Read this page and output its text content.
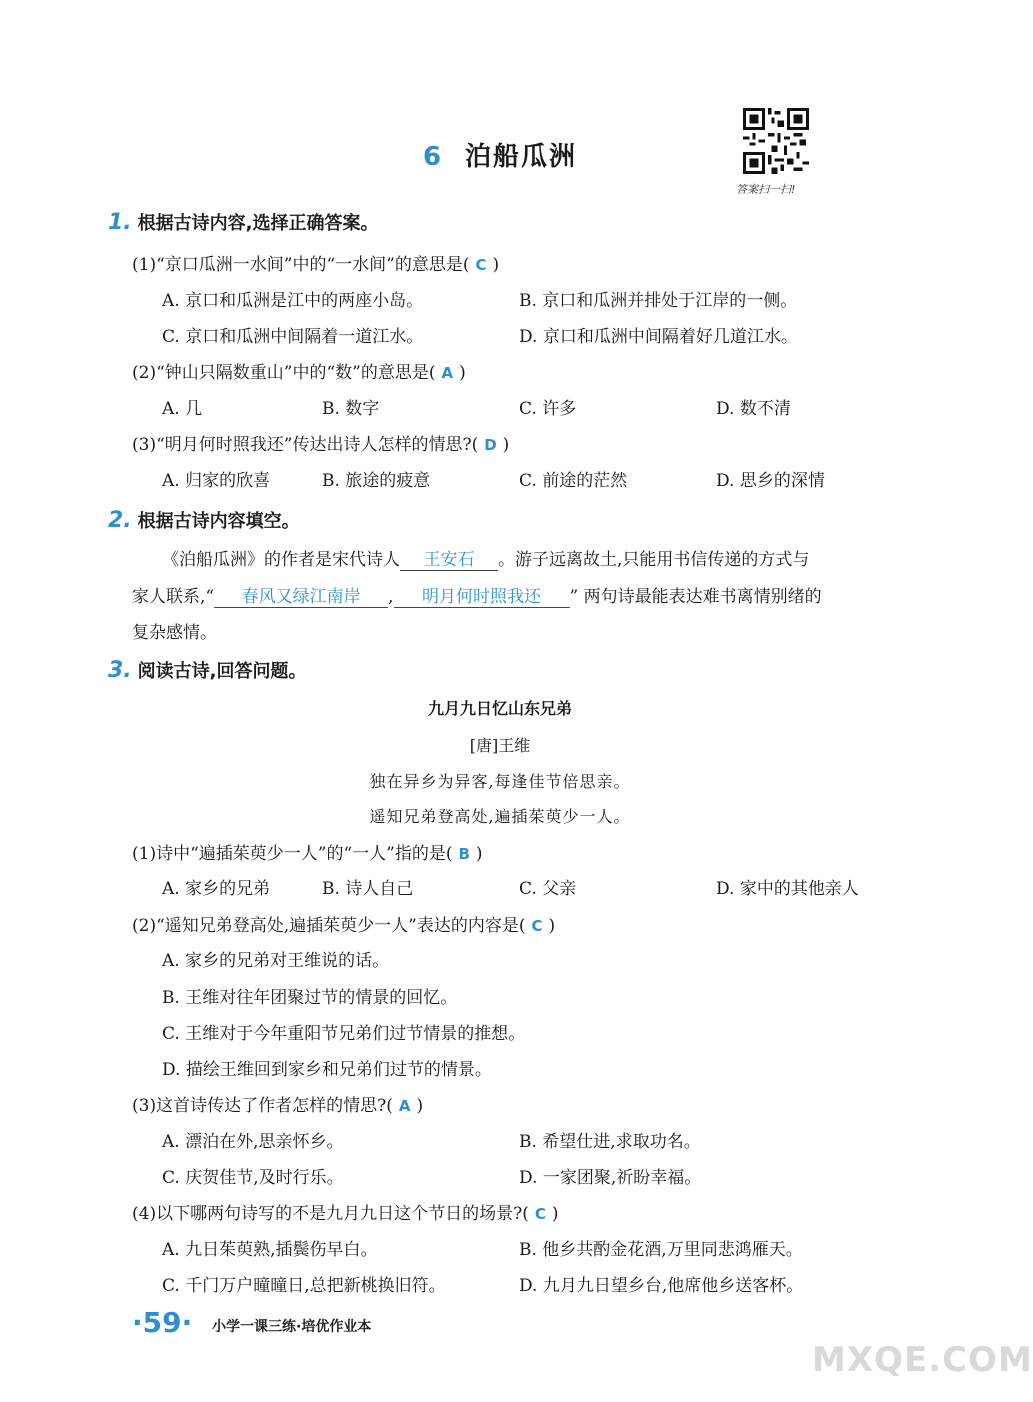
6 泊船瓜洲
答案扫一扫!
1. 根据古诗内容,选择正确答案。
(1)“京口瓜洲一水间”中的“一水间”的意思是( C )
A. 京口和瓜洲是江中的两座小岛。	B. 京口和瓜洲并排处于江岸的一侧。
C. 京口和瓜洲中间隔着一道江水。	D. 京口和瓜洲中间隔着好几道江水。
(2)“钟山只隔数重山”中的“数”的意思是( A )
A. 几	B. 数字	C. 许多	D. 数不清
(3)“明月何时照我还”传达出诗人怎样的情思?( D )
A. 归家的欣喜	B. 旅途的疲意	C. 前途的茫然	D. 思乡的深情
2. 根据古诗内容填空。
《泊船瓜洲》的作者是宋代诗人 王安石 。游子远离故土,只能用书信传递的方式与
家人联系,“ 春风又绿江南岸 , 明月何时照我还 ” 两句诗最能表达难书离情别绪的
复杂感情。
3. 阅读古诗,回答问题。
九月九日忆山东兄弟
[唐]王维
独在异乡为异客,每逢佳节倍思亲。
遥知兄弟登高处,遍插茱萸少一人。
(1)诗中“遍插茱萸少一人”的“一人”指的是( B )
A. 家乡的兄弟	B. 诗人自己	C. 父亲	D. 家中的其他亲人
(2)“遥知兄弟登高处,遍插茱萸少一人”表达的内容是( C )
A. 家乡的兄弟对王维说的话。
B. 王维对往年团聚过节的情景的回忆。
C. 王维对于今年重阳节兄弟们过节情景的推想。
D. 描绘王维回到家乡和兄弟们过节的情景。
(3)这首诗传达了作者怎样的情思?( A )
A. 漂泊在外,思亲怀乡。	B. 希望仕进,求取功名。
C. 庆贺佳节,及时行乐。	D. 一家团聚,祈盼幸福。
(4)以下哪两句诗写的不是九月九日这个节日的场景?( C )
A. 九日茱萸熟,插鬓伤早白。	B. 他乡共酌金花酒,万里同悲鸿雁天。
C. 千门万户曈曈日,总把新桃换旧符。	D. 九月九日望乡台,他席他乡送客杯。
·59· 小学一课三练·培优作业本
MXQE.COM
